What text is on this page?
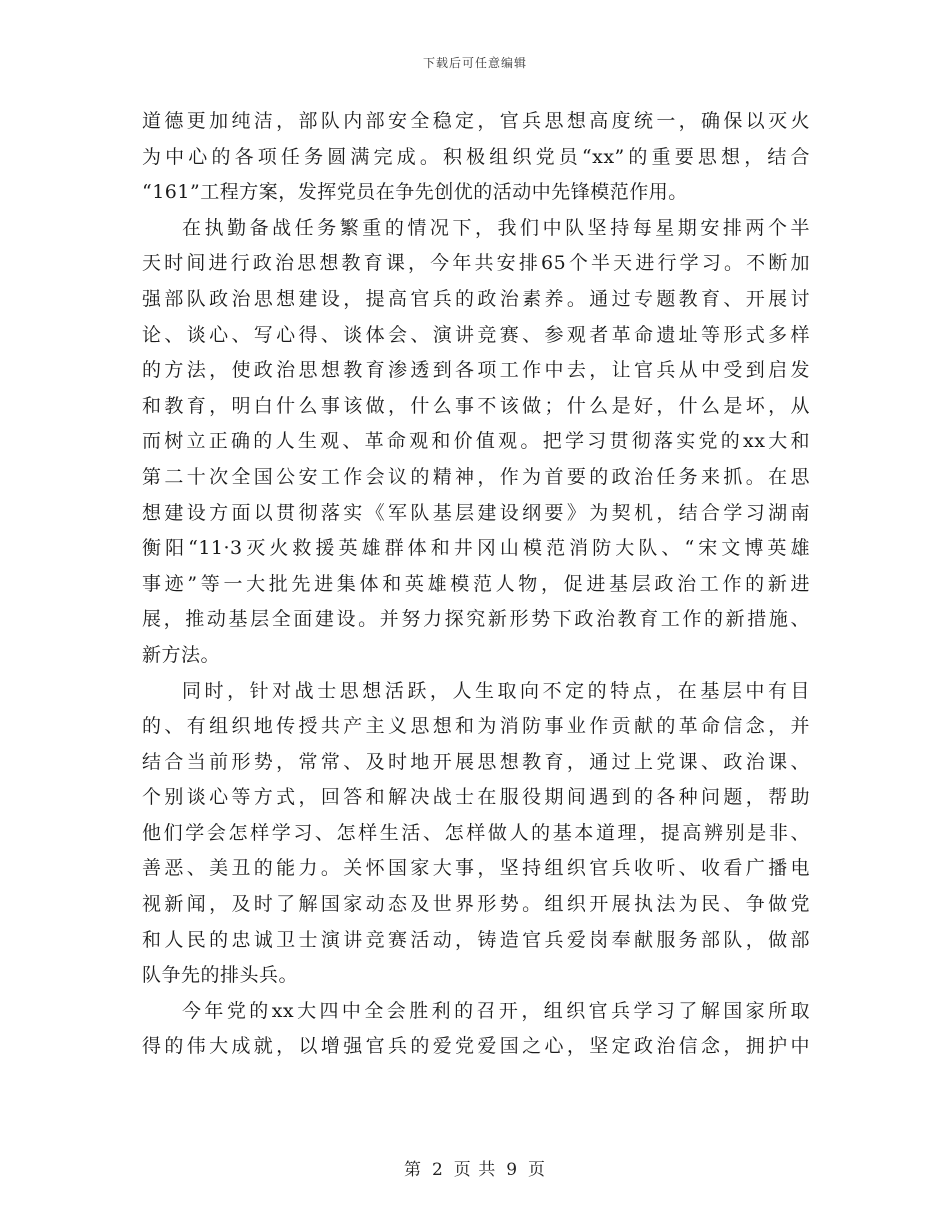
下载后可任意编辑
道德更加纯洁，部队内部安全稳定，官兵思想高度统一，确保以灭火
为中心的各项任务圆满完成。积极组织党员“xx”的重要思想，结合
“161”工程方案，发挥党员在争先创优的活动中先锋模范作用。
在执勤备战任务繁重的情况下，我们中队坚持每星期安排两个半
天时间进行政治思想教育课，今年共安排65个半天进行学习。不断加
强部队政治思想建设，提高官兵的政治素养。通过专题教育、开展讨
论、谈心、写心得、谈体会、演讲竞赛、参观者革命遗址等形式多样
的方法，使政治思想教育渗透到各项工作中去，让官兵从中受到启发
和教育，明白什么事该做，什么事不该做；什么是好，什么是坏，从
而树立正确的人生观、革命观和价值观。把学习贯彻落实党的xx大和
第二十次全国公安工作会议的精神，作为首要的政治任务来抓。在思
想建设方面以贯彻落实《军队基层建设纲要》为契机，结合学习湖南
衡阳“11·3灭火救援英雄群体和井冈山模范消防大队、“宋文博英雄
事迹”等一大批先进集体和英雄模范人物，促进基层政治工作的新进
展，推动基层全面建设。并努力探究新形势下政治教育工作的新措施、
新方法。
同时，针对战士思想活跃，人生取向不定的特点，在基层中有目
的、有组织地传授共产主义思想和为消防事业作贡献的革命信念，并
结合当前形势，常常、及时地开展思想教育，通过上党课、政治课、
个别谈心等方式，回答和解决战士在服役期间遇到的各种问题，帮助
他们学会怎样学习、怎样生活、怎样做人的基本道理，提高辨别是非、
善恶、美丑的能力。关怀国家大事，坚持组织官兵收听、收看广播电
视新闻，及时了解国家动态及世界形势。组织开展执法为民、争做党
和人民的忠诚卫士演讲竞赛活动，铸造官兵爱岗奉献服务部队，做部
队争先的排头兵。
今年党的xx大四中全会胜利的召开，组织官兵学习了解国家所取
得的伟大成就，以增强官兵的爱党爱国之心，坚定政治信念，拥护中
第 2 页 共 9 页
